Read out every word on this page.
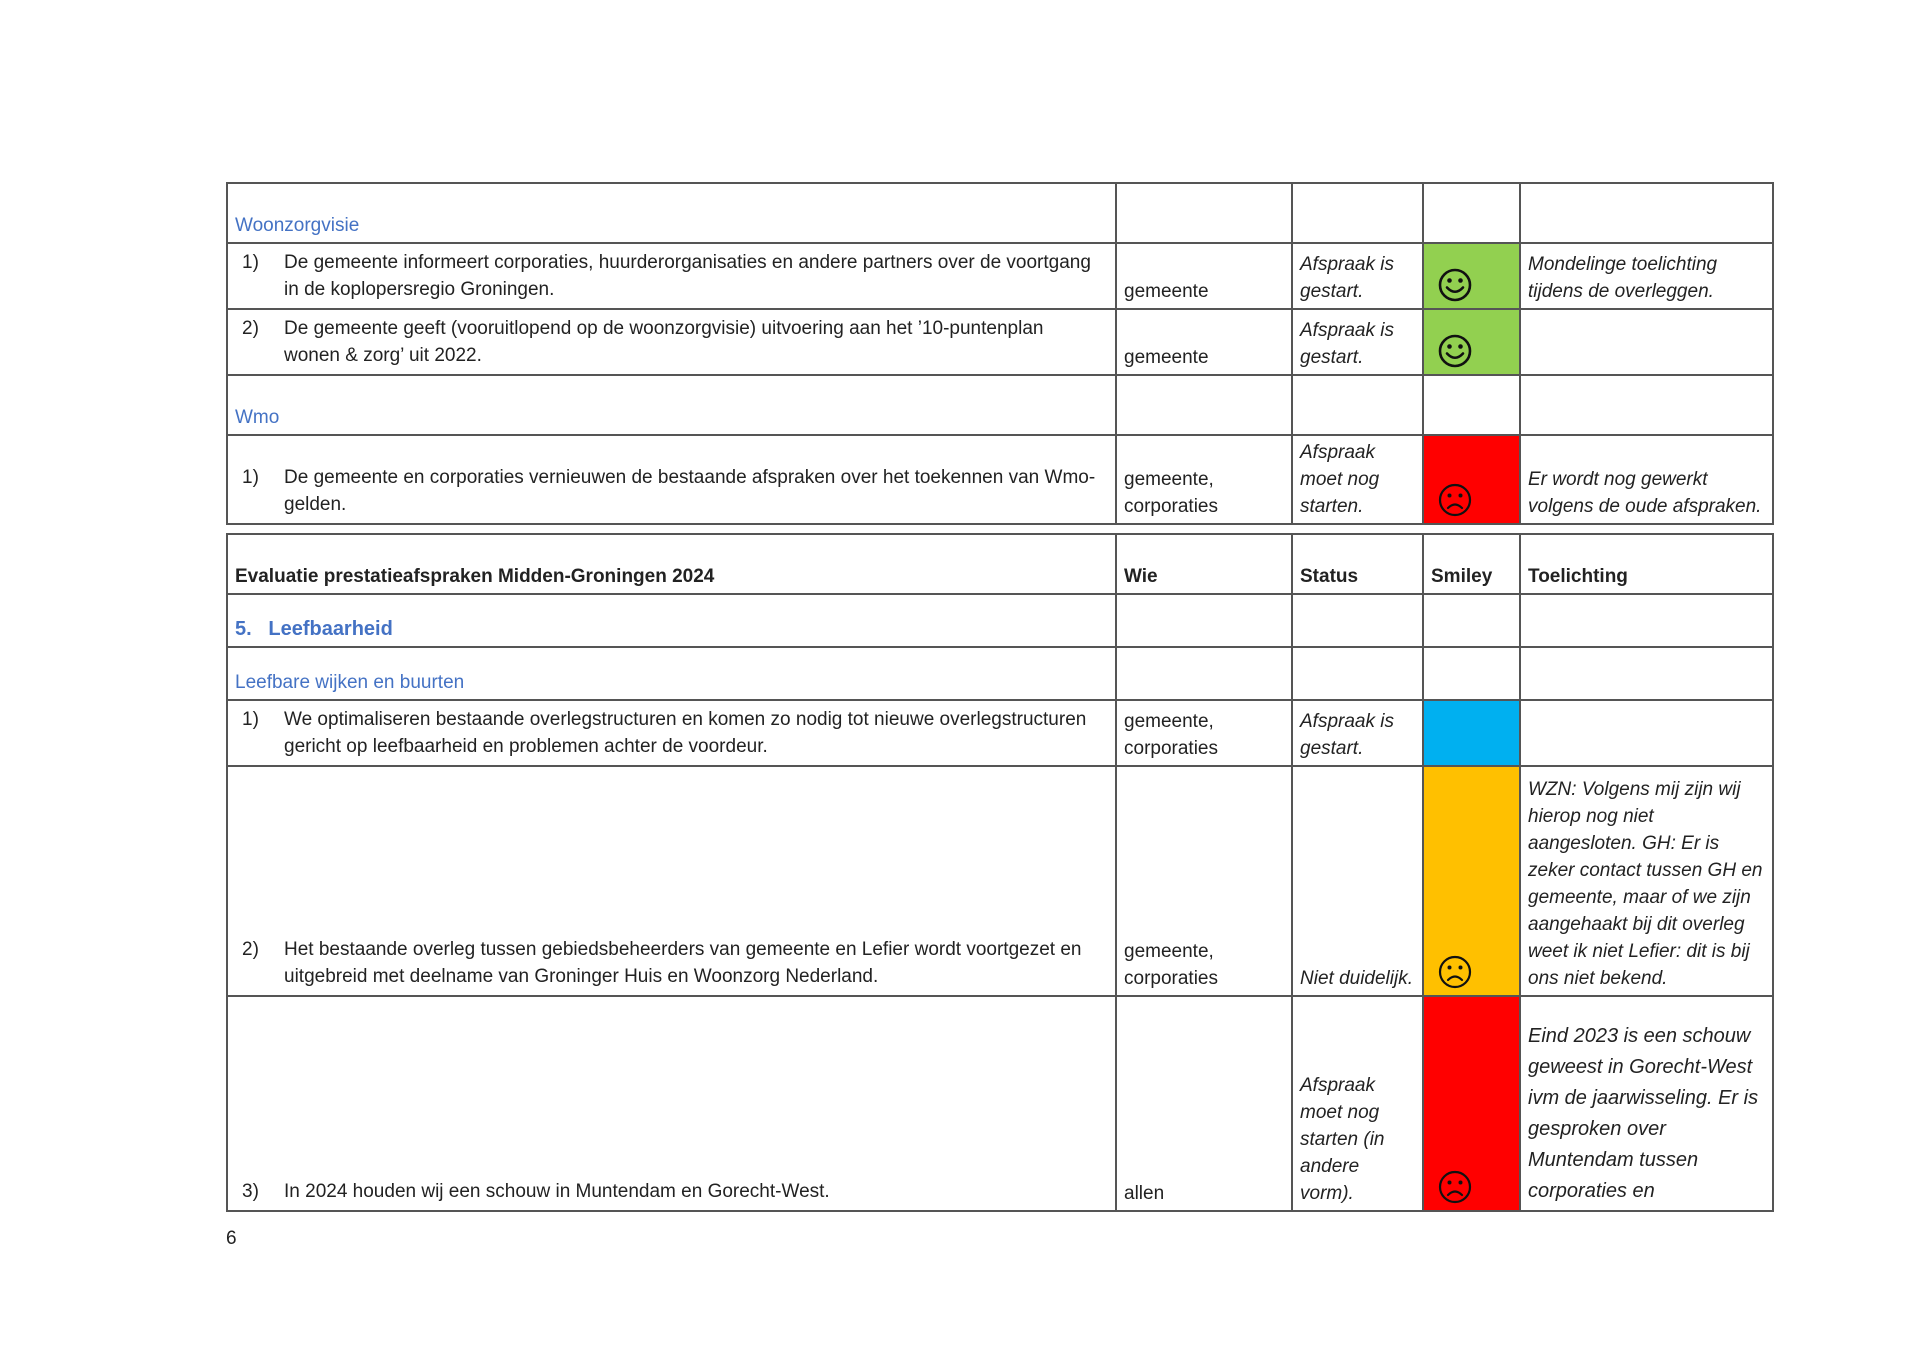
Woonzorgvisie				

1) De gemeente informeert corporaties, huurderorganisaties en andere partners over de voortgang in de koplopersregio Groningen.	gemeente	Afspraak is gestart.		Mondelinge toelichting tijdens de overleggen.

2) De gemeente geeft (vooruitlopend op de woonzorgvisie) uitvoering aan het ’10-puntenplan wonen & zorg’ uit 2022.	gemeente	Afspraak is gestart.	

Wmo				

1) De gemeente en corporaties vernieuwen de bestaande afspraken over het toekennen van Wmo-gelden.	gemeente, corporaties	Afspraak moet nog starten.		Er wordt nog gewerkt volgens de oude afspraken.
Evaluatie prestatieafspraken Midden-Groningen 2024	Wie	Status	Smiley	Toelichting
5.   Leefbaarheid				
Leefbare wijken en buurten				

1) We optimaliseren bestaande overlegstructuren en komen zo nodig tot nieuwe overlegstructuren gericht op leefbaarheid en problemen achter de voordeur.	gemeente, corporaties	Afspraak is gestart.		

2) Het bestaande overleg tussen gebiedsbeheerders van gemeente en Lefier wordt voortgezet en uitgebreid met deelname van Groninger Huis en Woonzorg Nederland.	gemeente, corporaties	Niet duidelijk.		WZN: Volgens mij zijn wij hierop nog niet aangesloten. GH: Er is zeker contact tussen GH en gemeente, maar of we zijn aangehaakt bij dit overleg weet ik niet Lefier: dit is bij ons niet bekend.

3) In 2024 houden wij een schouw in Muntendam en Gorecht-West.	allen	Afspraak moet nog starten (in andere vorm).		Eind 2023 is een schouw geweest in Gorecht-West ivm de jaarwisseling. Er is gesproken over Muntendam tussen corporaties en
6
